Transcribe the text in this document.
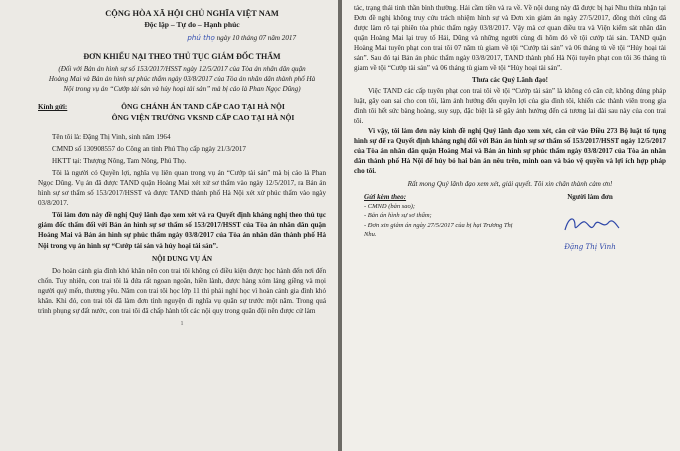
CỘNG HÒA XÃ HỘI CHỦ NGHĨA VIỆT NAM

Độc lập – Tự do – Hạnh phúc

phú thọ ngày 10 tháng 07 năm 2017

ĐƠN KHIẾU NẠI THEO THỦ TỤC GIÁM ĐỐC THẨM

(Đối với Bản án hình sự số 153/2017/HSST ngày 12/5/2017 của Tòa án nhân dân quận Hoàng Mai và Bản án hình sự phúc thẩm ngày 03/8/2017 của Tòa án nhân dân thành phố Hà Nội trong vụ án “Cướp tài sản và hủy hoại tài sản” mà bị cáo là Phan Ngọc Dũng)

Kính gửi:	ÔNG CHÁNH ÁN TAND CẤP CAO TẠI HÀ NỘI
ÔNG VIỆN TRƯỞNG VKSND CẤP CAO TẠI HÀ NỘI

Tên tôi là: Đặng Thị Vinh, sinh năm 1964

CMND số 130908557 do Công an tỉnh Phú Thọ cấp ngày 21/3/2017

HKTT tại: Thượng Nông, Tam Nông, Phú Thọ.

Tôi là người có Quyền lợi, nghĩa vụ liên quan trong vụ án “Cướp tài sản” mà bị cáo là Phan Ngọc Dũng. Vụ án đã được TAND quận Hoàng Mai xét xử sơ thẩm vào ngày 12/5/2017, ra Bản án hình sự sơ thẩm số 153/2017/HSST và được TAND thành phố Hà Nội xét xử phúc thẩm vào ngày 03/8/2017.

Tôi làm đơn này đề nghị Quý lãnh đạo xem xét và ra Quyết định kháng nghị theo thủ tục giám đốc thẩm đối với Bản án hình sự sơ thẩm số 153/2017/HSST của Tòa án nhân dân quận Hoàng Mai và Bản án hình sự phúc thẩm ngày 03/8/2017 của Tòa án nhân dân thành phố Hà Nội trong vụ án hình sự “Cướp tài sản và hủy hoại tài sản”.

NỘI DUNG VỤ ÁN

Do hoàn cảnh gia đình khó khăn nên con trai tôi không có điều kiện được học hành đến nơi đến chốn. Tuy nhiên, con trai tôi là đứa rất ngoan ngoãn, hiền lành, được hàng xóm láng giềng và mọi người quý mến, thương yêu. Năm con trai tôi học lớp 11 thì phải nghỉ học vì hoàn cảnh gia đình khó khăn. Khi đó, con trai tôi đã làm đơn tình nguyện đi nghĩa vụ quân sự trước một năm. Trong quá trình phụng sự đất nước, con trai tôi đã chấp hành tốt các nội quy trong quân đội nên được cử làm

1

tác, trạng thái tinh thần bình thường. Hải cầm tiền và ra về. Về nội dung này đã được bị hại Nhu thừa nhận tại Đơn đề nghị không truy cứu trách nhiệm hình sự và Đơn xin giảm án ngày 27/5/2017, đồng thời cũng đã được làm rõ tại phiên tòa phúc thẩm ngày 03/8/2017. Vậy mà cơ quan điều tra và Viện kiểm sát nhân dân quận Hoàng Mai lại truy tố Hải, Dũng và những người cùng đi hôm đó về tội cướp tài sản. TAND quận Hoàng Mai tuyên phạt con trai tôi 07 năm tù giam về tội “Cướp tài sản” và 06 tháng tù về tội “Hủy hoại tài sản”. Sau đó tại Bản án phúc thẩm ngày 03/8/2017, TAND thành phố Hà Nội tuyên phạt con tôi 36 tháng tù giam về tội “Cướp tài sản” và 06 tháng tù giam về tội “Hủy hoại tài sản”.

Thưa các Quý Lãnh đạo!

Việc TAND các cấp tuyên phạt con trai tôi về tội “Cướp tài sản” là không có căn cứ, không đúng pháp luật, gây oan sai cho con tôi, làm ảnh hưởng đến quyền lợi của gia đình tôi, khiến các thành viên trong gia đình tôi hết sức bàng hoàng, suy sụp, đặc biệt là sẽ gây ảnh hưởng đến cả tương lai dài sau này của con trai tôi.

Vì vậy, tôi làm đơn này kính đề nghị Quý lãnh đạo xem xét, căn cứ vào Điều 273 Bộ luật tố tụng hình sự để ra Quyết định kháng nghị đối với Bản án hình sự sơ thẩm số 153/2017/HSST ngày 12/5/2017 của Tòa án nhân dân quận Hoàng Mai và Bản án hình sự phúc thẩm ngày 03/8/2017 của Tòa án nhân dân thành phố Hà Nội để hủy bỏ hai bản án nêu trên, minh oan và bảo vệ quyền và lợi ích hợp pháp cho tôi.

Rất mong Quý lãnh đạo xem xét, giải quyết. Tôi xin chân thành cảm ơn!

Gửi kèm theo:
- CMND (bản sao);
- Bản án hình sự sơ thẩm;
- Đơn xin giảm án ngày 27/5/2017 của bị hại Trương Thị Nhu.
Người làm đơn
Đặng Thị Vinh
